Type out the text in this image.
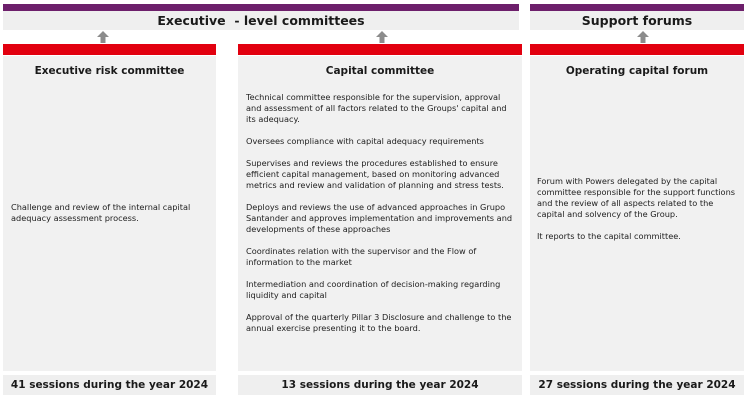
Executive  - level committees	Support forums
Executive risk committee

Challenge and review of the internal capital adequacy assessment process.

Capital committee

Technical committee responsible for the supervision, approval and assessment of all factors related to the Groups' capital and its adequacy.

Oversees compliance with capital adequacy requirements

Supervises and reviews the procedures established to ensure efficient capital management, based on monitoring advanced metrics and review and validation of planning and stress tests.

Deploys and reviews the use of advanced approaches in Grupo Santander and approves implementation and improvements and developments of these approaches

Coordinates relation with the supervisor and the Flow of information to the market

Intermediation and coordination of decision-making regarding liquidity and capital

Approval of the quarterly Pillar 3 Disclosure and challenge to the annual exercise presenting it to the board.

Operating capital forum

Forum with Powers delegated by the capital committee responsible for the support functions and the review of all aspects related to the capital and solvency of the Group.

It reports to the capital committee.

41 sessions during the year 2024	13 sessions during the year 2024	27 sessions during the year 2024
